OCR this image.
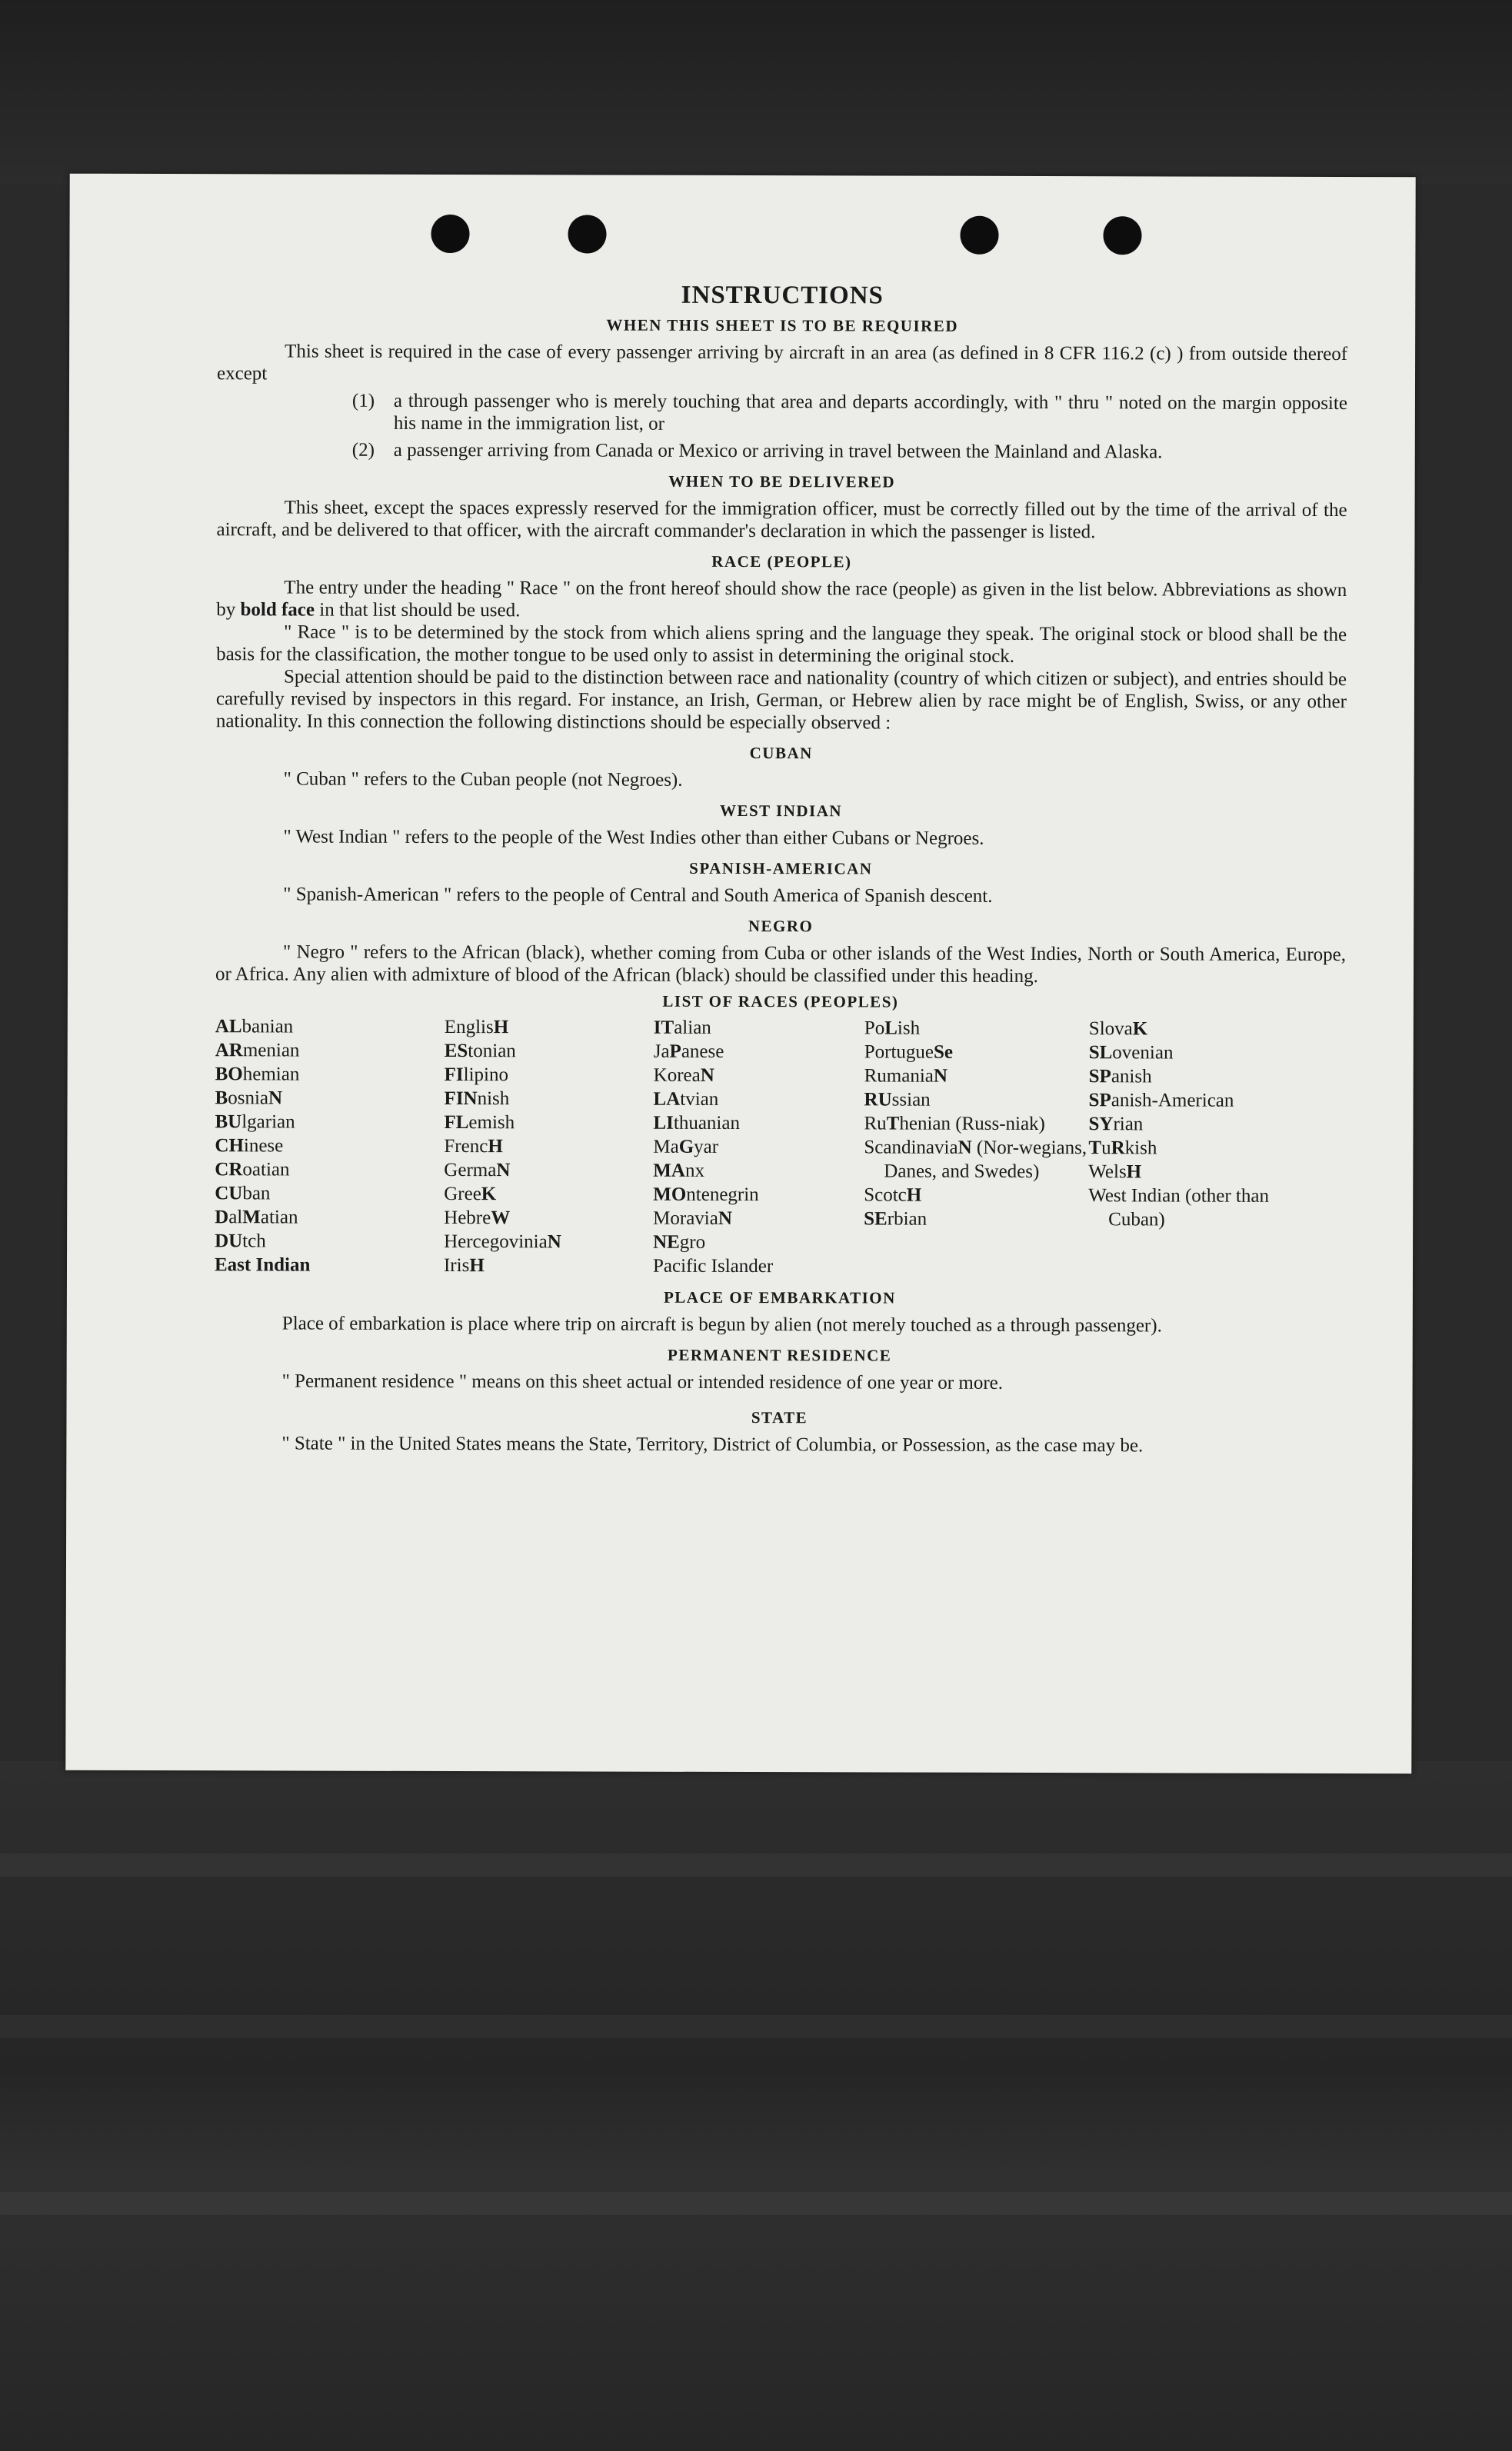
INSTRUCTIONS
WHEN THIS SHEET IS TO BE REQUIRED

This sheet is required in the case of every passenger arriving by aircraft in an area (as defined in 8 CFR 116.2 (c) ) from outside thereof except

(1) a through passenger who is merely touching that area and departs accordingly, with " thru " noted on the margin opposite his name in the immigration list, or
(2) a passenger arriving from Canada or Mexico or arriving in travel between the Mainland and Alaska.
WHEN TO BE DELIVERED

This sheet, except the spaces expressly reserved for the immigration officer, must be correctly filled out by the time of the arrival of the aircraft, and be delivered to that officer, with the aircraft commander's declaration in which the passenger is listed.

RACE (PEOPLE)

The entry under the heading " Race " on the front hereof should show the race (people) as given in the list below. Abbreviations as shown by bold face in that list should be used.

" Race " is to be determined by the stock from which aliens spring and the language they speak. The original stock or blood shall be the basis for the classification, the mother tongue to be used only to assist in determining the original stock.

Special attention should be paid to the distinction between race and nationality (country of which citizen or subject), and entries should be carefully revised by inspectors in this regard. For instance, an Irish, German, or Hebrew alien by race might be of English, Swiss, or any other nationality. In this connection the following distinctions should be especially observed :

CUBAN

" Cuban " refers to the Cuban people (not Negroes).

WEST INDIAN

" West Indian " refers to the people of the West Indies other than either Cubans or Negroes.

SPANISH-AMERICAN

" Spanish-American " refers to the people of Central and South America of Spanish descent.

NEGRO

" Negro " refers to the African (black), whether coming from Cuba or other islands of the West Indies, North or South America, Europe, or Africa. Any alien with admixture of blood of the African (black) should be classified under this heading.

LIST OF RACES (PEOPLES)
ALbanian
ARmenian
BOhemian
BosniaN
BUlgarian
CHinese
CRoatian
CUban
DalMatian
DUtch
East Indian
EnglisH
EStonian
FIlipino
FINnish
FLemish
FrencH
GermaN
GreeK
HebreW
HercegoviniaN
IrisH
ITalian
JaPanese
KoreaN
LAtvian
LIthuanian
MaGyar
MAnx
MOntenegrin
MoraviaN
NEgro
Pacific Islander
PoLish
PortugueSe
RumaniaN
RUssian
RuThenian (Russ-niak)
ScandinaviaN (Nor-wegians, Danes, and Swedes)
ScotcH
SErbian
SlovaK
SLovenian
SPanish
SPanish-American
SYrian
TuRkish
WelsH
West Indian (other than Cuban)
PLACE OF EMBARKATION

Place of embarkation is place where trip on aircraft is begun by alien (not merely touched as a through passenger).

PERMANENT RESIDENCE

" Permanent residence " means on this sheet actual or intended residence of one year or more.

STATE

" State " in the United States means the State, Territory, District of Columbia, or Possession, as the case may be.
